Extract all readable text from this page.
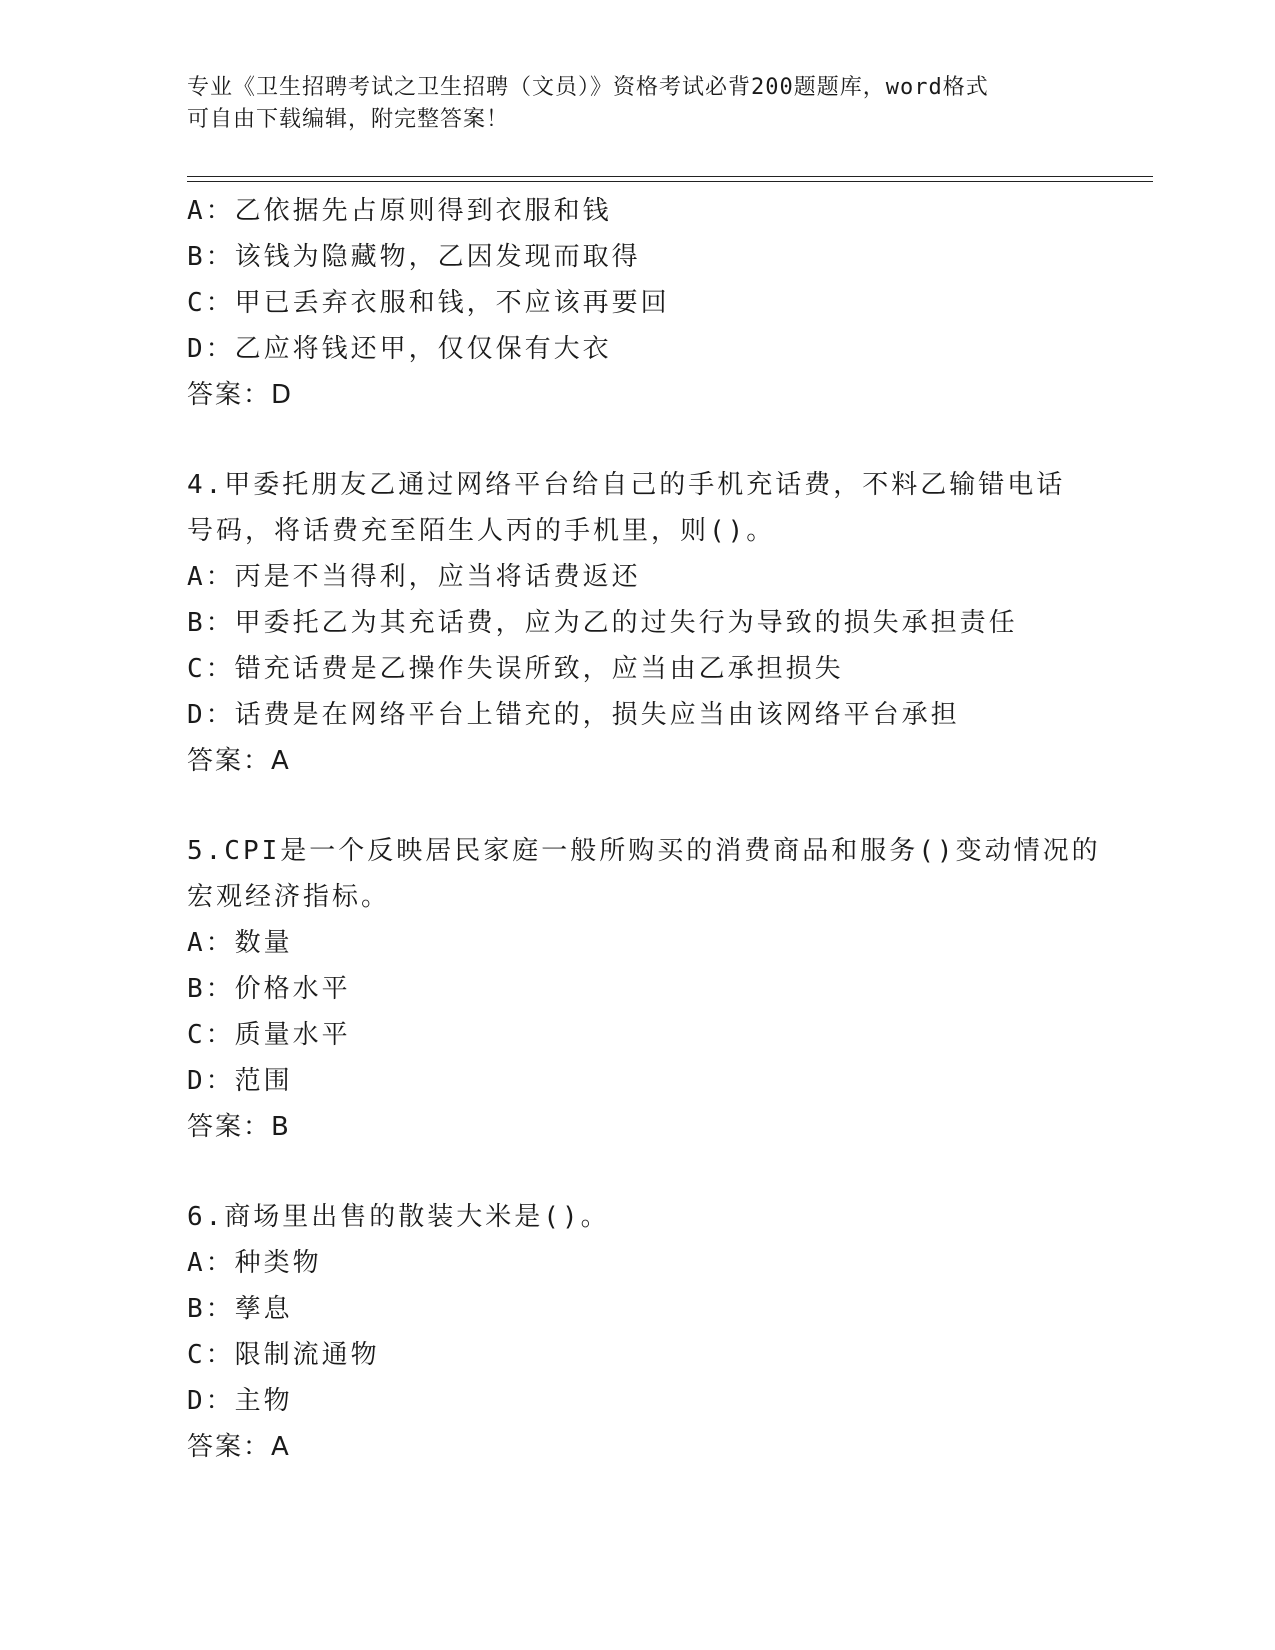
专业《卫生招聘考试之卫生招聘（文员）》资格考试必背200题题库，word格式
可自由下载编辑，附完整答案！
A：乙依据先占原则得到衣服和钱
B：该钱为隐藏物，乙因发现而取得
C：甲已丢弃衣服和钱，不应该再要回
D：乙应将钱还甲，仅仅保有大衣
答案：D
4.甲委托朋友乙通过网络平台给自己的手机充话费，不料乙输错电话
号码，将话费充至陌生人丙的手机里，则()。
A：丙是不当得利，应当将话费返还
B：甲委托乙为其充话费，应为乙的过失行为导致的损失承担责任
C：错充话费是乙操作失误所致，应当由乙承担损失
D：话费是在网络平台上错充的，损失应当由该网络平台承担
答案：A
5.CPI是一个反映居民家庭一般所购买的消费商品和服务()变动情况的
宏观经济指标。
A：数量
B：价格水平
C：质量水平
D：范围
答案：B
6.商场里出售的散装大米是()。
A：种类物
B：孳息
C：限制流通物
D：主物
答案：A
